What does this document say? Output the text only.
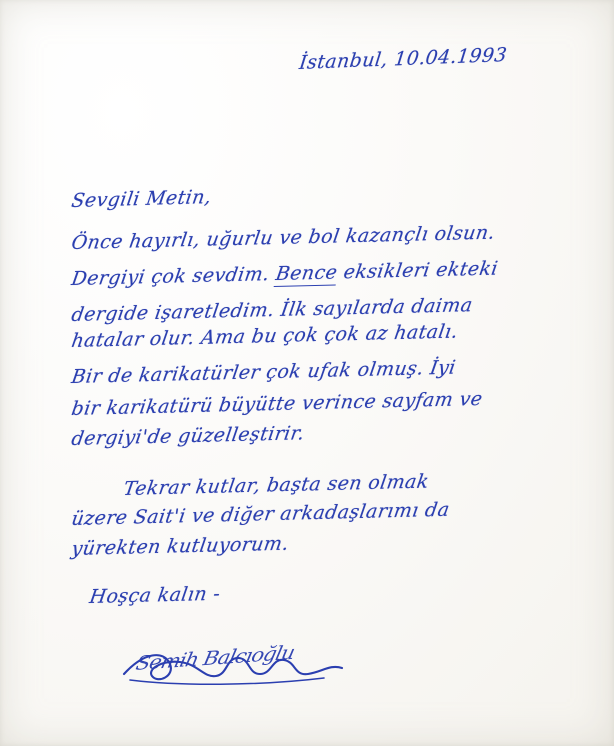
İstanbul, 10.04.1993
Sevgili Metin,
Önce hayırlı, uğurlu ve bol kazançlı olsun.
Dergiyi çok sevdim. Bence eksikleri ekteki
dergide işaretledim. İlk sayılarda daima
hatalar olur. Ama bu çok çok az hatalı.
Bir de karikatürler çok ufak olmuş. İyi
bir karikatürü büyütte verince sayfam ve
dergiyi'de güzelleştirir.
Tekrar kutlar, başta sen olmak
üzere Sait'i ve diğer arkadaşlarımı da
yürekten kutluyorum.
Hoşça kalın -
Semih Balcıoğlu
